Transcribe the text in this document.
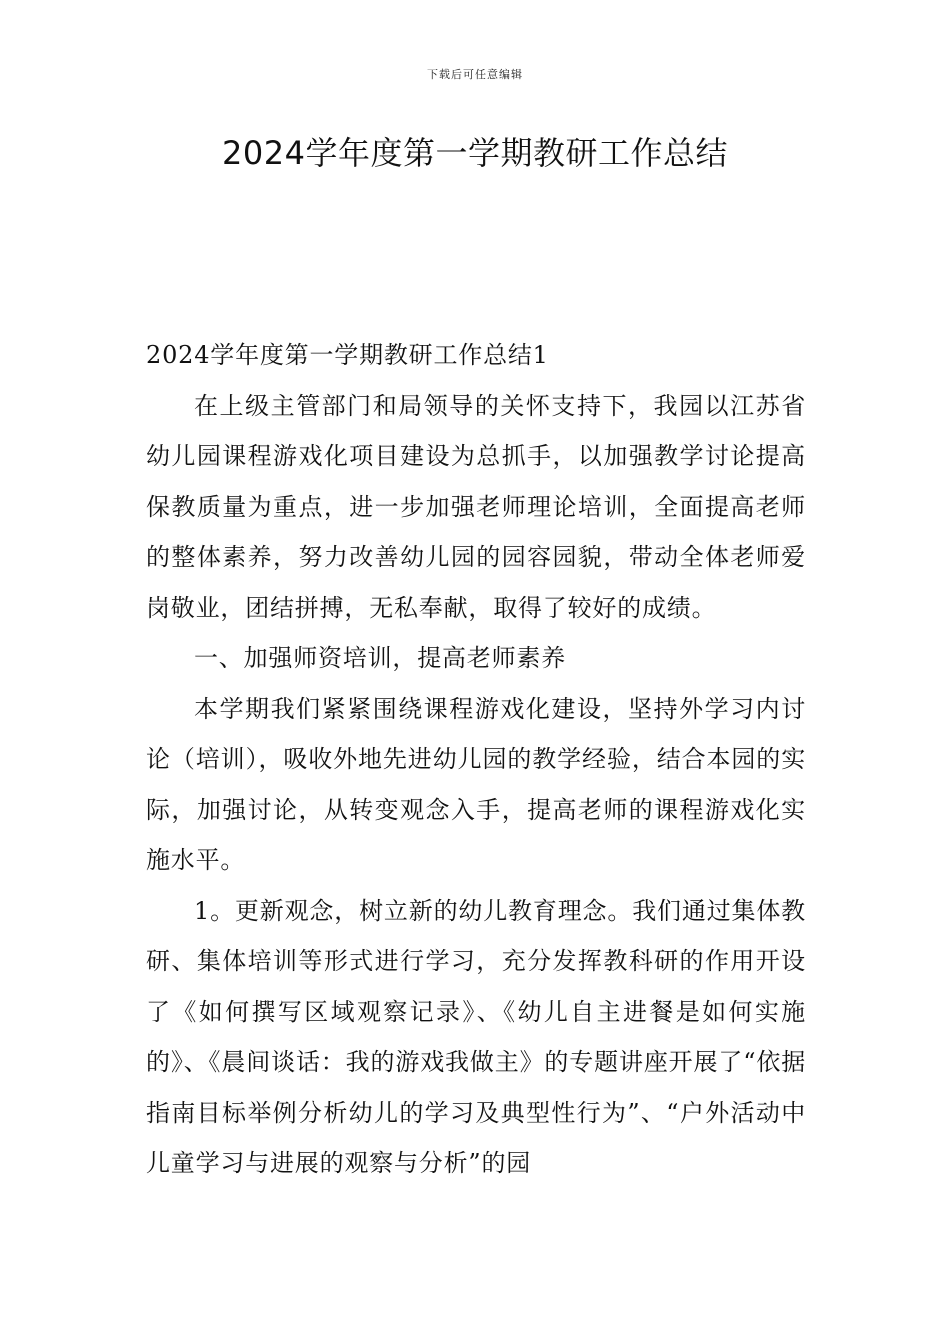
下载后可任意编辑
2024学年度第一学期教研工作总结

2024学年度第一学期教研工作总结1

在上级主管部门和局领导的关怀支持下，我园以江苏省幼儿园课程游戏化项目建设为总抓手，以加强教学讨论提高保教质量为重点，进一步加强老师理论培训，全面提高老师的整体素养，努力改善幼儿园的园容园貌，带动全体老师爱岗敬业，团结拼搏，无私奉献，取得了较好的成绩。

一、加强师资培训，提高老师素养

本学期我们紧紧围绕课程游戏化建设，坚持外学习内讨论（培训），吸收外地先进幼儿园的教学经验，结合本园的实际，加强讨论，从转变观念入手，提高老师的课程游戏化实施水平。

1。更新观念，树立新的幼儿教育理念。我们通过集体教研、集体培训等形式进行学习，充分发挥教科研的作用开设了《如何撰写区域观察记录》、《幼儿自主进餐是如何实施的》、《晨间谈话：我的游戏我做主》的专题讲座开展了“依据指南目标举例分析幼儿的学习及典型性行为”、“户外活动中儿童学习与进展的观察与分析”的园
